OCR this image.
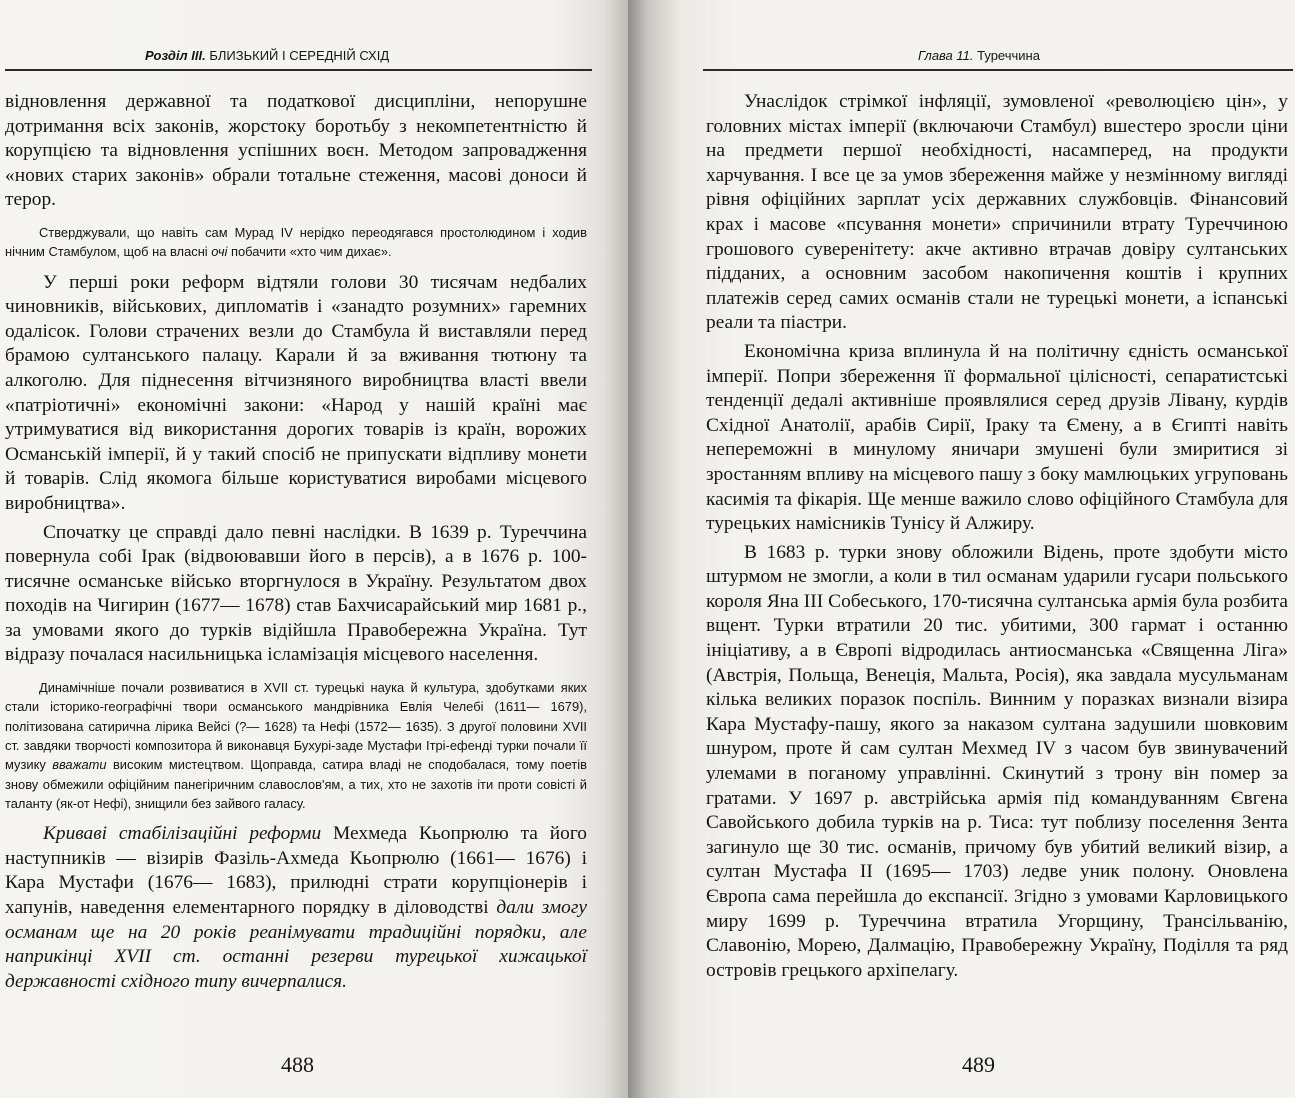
Розділ III. БЛИЗЬКИЙ І СЕРЕДНІЙ СХІД

відновлення державної та податкової дисципліни, непорушне дотримання всіх законів, жорстоку боротьбу з некомпетентністю й корупцією та відновлення успішних воєн. Методом запровадження «нових старих законів» обрали тотальне стеження, масові доноси й терор.

Стверджували, що навіть сам Мурад IV нерідко переодягався простолюдином і ходив нічним Стамбулом, щоб на власні очі побачити «хто чим дихає».

У перші роки реформ відтяли голови 30 тисячам недбалих чиновників, військових, дипломатів і «занадто розумних» гаремних одалісок. Голови страчених везли до Стамбула й виставляли перед брамою султанського палацу. Карали й за вживання тютюну та алкоголю. Для піднесення вітчизняного виробництва власті ввели «патріотичні» економічні закони: «Народ у нашій країні має утримуватися від використання дорогих товарів із країн, ворожих Османській імперії, й у такий спосіб не припускати відпливу монети й товарів. Слід якомога більше користуватися виробами місцевого виробництва».

Спочатку це справді дало певні наслідки. В 1639 р. Туреччина повернула собі Ірак (відвоювавши його в персів), а в 1676 р. 100-тисячне османське військо вторгнулося в Україну. Результатом двох походів на Чигирин (1677— 1678) став Бахчисарайський мир 1681 р., за умовами якого до турків відійшла Правобережна Україна. Тут відразу почалася насильницька ісламізація місцевого населення.

Динамічніше почали розвиватися в XVII ст. турецькі наука й культура, здобутками яких стали історико-географічні твори османського мандрівника Евлія Челебі (1611— 1679), політизована сатирична лірика Вейсі (?— 1628) та Нефі (1572— 1635). З другої половини XVII ст. завдяки творчості композитора й виконавця Бухурі-заде Мустафи Ітрі-ефенді турки почали її музику вважати високим мистецтвом. Щоправда, сатира владі не сподобалася, тому поетів знову обмежили офіційним панегіричним славослов'ям, а тих, хто не захотів іти проти совісті й таланту (як-от Нефі), знищили без зайвого галасу.

Криваві стабілізаційні реформи Мехмеда Кьопрюлю та його наступників — візирів Фазіль-Ахмеда Кьопрюлю (1661— 1676) і Кара Мустафи (1676— 1683), прилюдні страти корупціонерів і хапунів, наведення елементарного порядку в діловодстві дали змогу османам ще на 20 років реанімувати традиційні порядки, але наприкінці XVII ст. останні резерви турецької хижацької державності східного типу вичерпалися.

488
Глава 11. Туреччина

Унаслідок стрімкої інфляції, зумовленої «революцією цін», у головних містах імперії (включаючи Стамбул) вшестеро зросли ціни на предмети першої необхідності, насамперед, на продукти харчування. І все це за умов збереження майже у незмінному вигляді рівня офіційних зарплат усіх державних службовців. Фінансовий крах і масове «псування монети» спричинили втрату Туреччиною грошового суверенітету: акче активно втрачав довіру султанських підданих, а основним засобом накопичення коштів і крупних платежів серед самих османів стали не турецькі монети, а іспанські реали та піастри.

Економічна криза вплинула й на політичну єдність османської імперії. Попри збереження її формальної цілісності, сепаратистські тенденції дедалі активніше проявлялися серед друзів Лівану, курдів Східної Анатолії, арабів Сирії, Іраку та Ємену, а в Єгипті навіть непереможні в минулому яничари змушені були змиритися зі зростанням впливу на місцевого пашу з боку мамлюцьких угруповань касимія та фікарія. Ще менше важило слово офіційного Стамбула для турецьких намісників Тунісу й Алжиру.

В 1683 р. турки знову обложили Відень, проте здобути місто штурмом не змогли, а коли в тил османам ударили гусари польського короля Яна III Собеського, 170-тисячна султанська армія була розбита вщент. Турки втратили 20 тис. убитими, 300 гармат і останню ініціативу, а в Європі відродилась антиосманська «Священна Ліга» (Австрія, Польща, Венеція, Мальта, Росія), яка завдала мусульманам кілька великих поразок поспіль. Винним у поразках визнали візира Кара Мустафу-пашу, якого за наказом султана задушили шовковим шнуром, проте й сам султан Мехмед IV з часом був звинувачений улемами в поганому управлінні. Скинутий з трону він помер за гратами. У 1697 р. австрійська армія під командуванням Євгена Савойського добила турків на р. Тиса: тут поблизу поселення Зента загинуло ще 30 тис. османів, причому був убитий великий візир, а султан Мустафа II (1695— 1703) ледве уник полону. Оновлена Європа сама перейшла до експансії. Згідно з умовами Карловицького миру 1699 р. Туреччина втратила Угорщину, Трансільванію, Славонію, Морею, Далмацію, Правобережну Україну, Поділля та ряд островів грецького архіпелагу.

489
